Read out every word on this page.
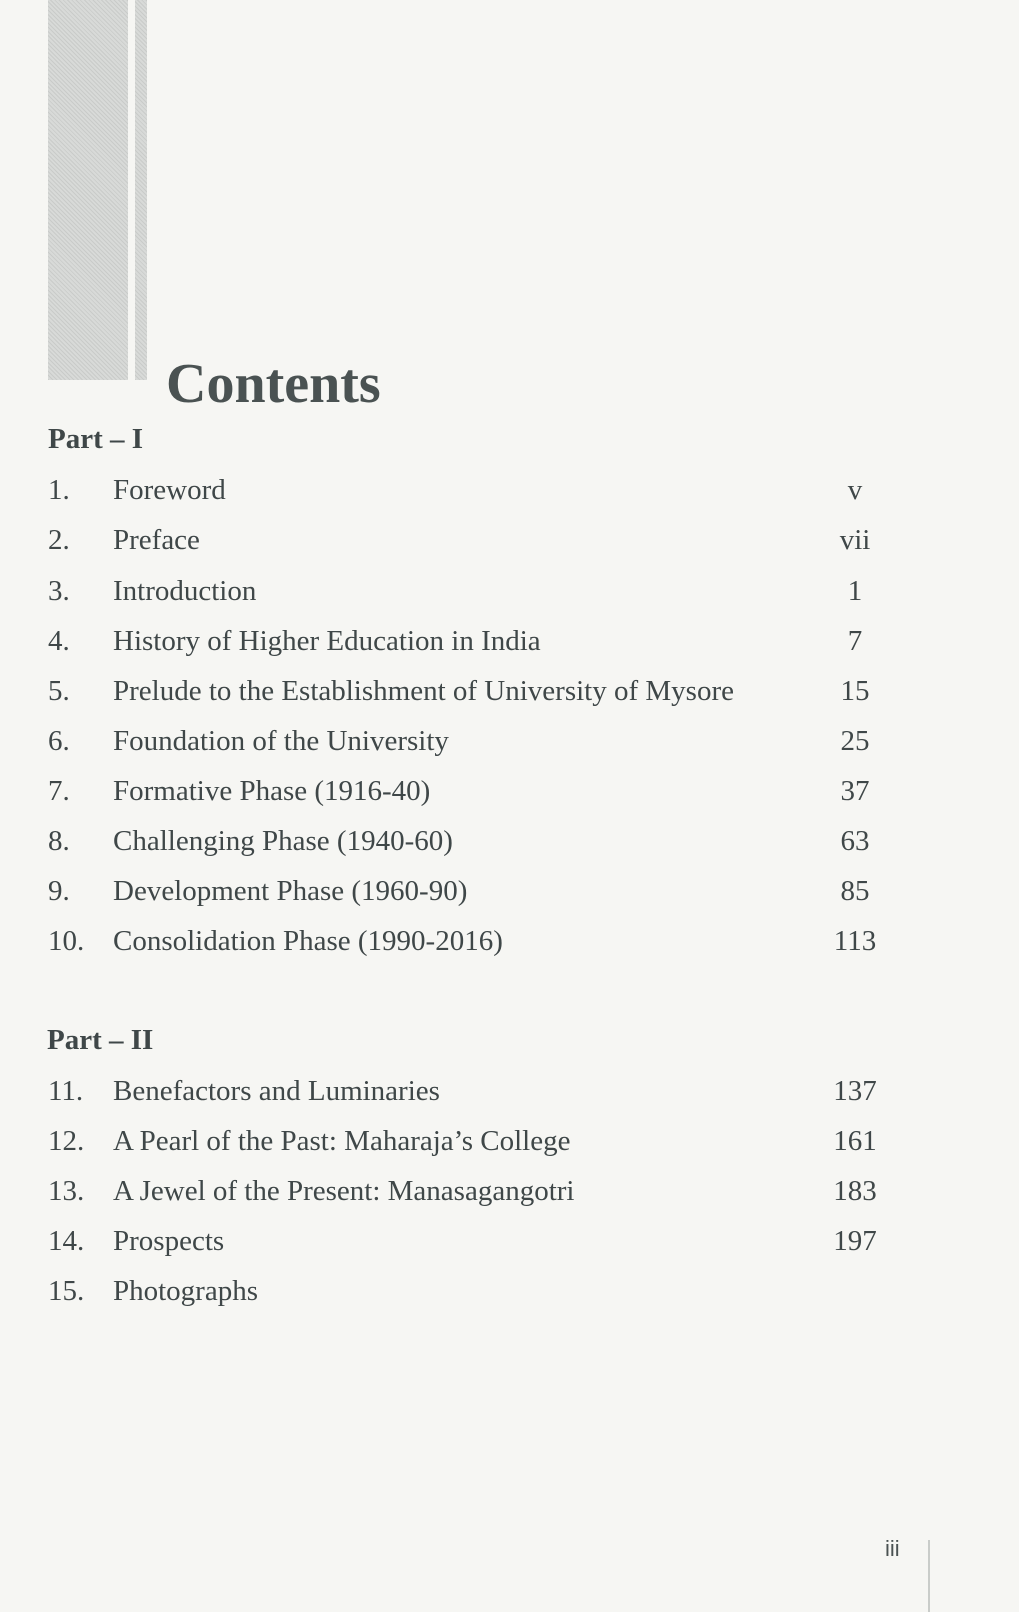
Contents
Part – I
1. Foreword	v
2. Preface	vii
3. Introduction	1
4. History of Higher Education in India	7
5. Prelude to the Establishment of University of Mysore	15
6. Foundation of the University	25
7. Formative Phase (1916-40)	37
8. Challenging Phase (1940-60)	63
9. Development Phase (1960-90)	85
10. Consolidation Phase (1990-2016)	113
Part – II
11. Benefactors and Luminaries	137
12. A Pearl of the Past: Maharaja’s College	161
13. A Jewel of the Present: Manasagangotri	183
14. Prospects	197
15. Photographs
iii
